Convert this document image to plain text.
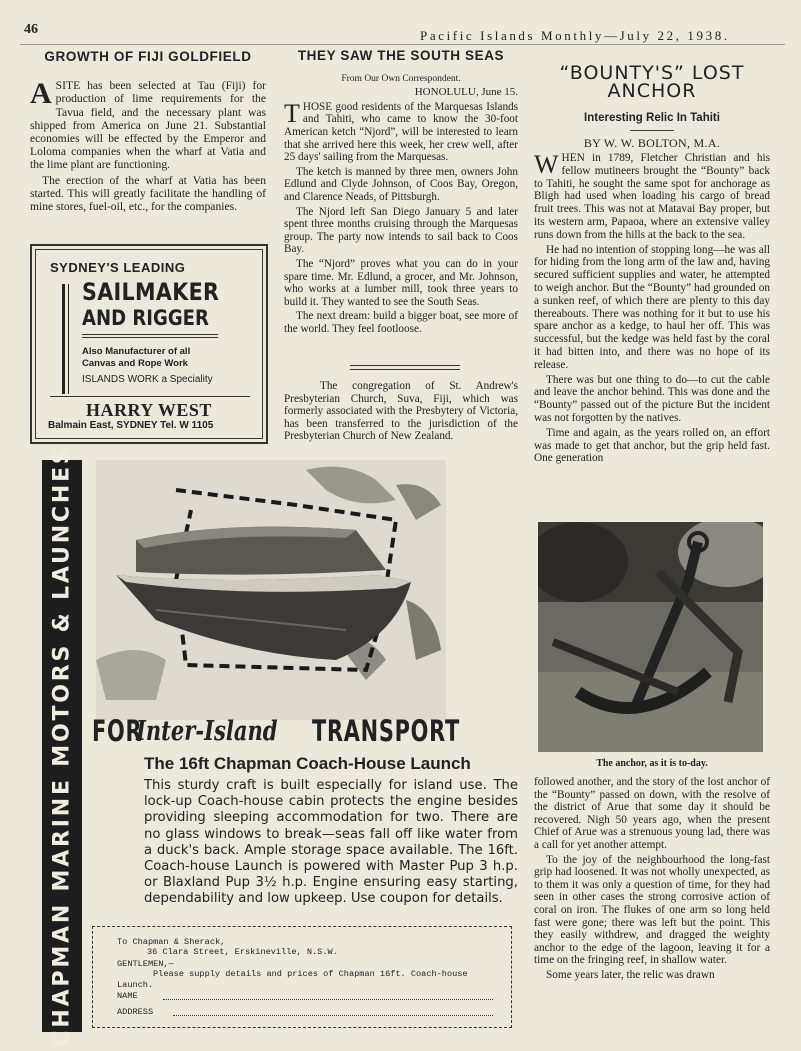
46	Pacific Islands Monthly—July 22, 1938.
GROWTH OF FIJI GOLDFIELD

ASITE has been selected at Tau (Fiji) for production of lime requirements for the Tavua field, and the necessary plant was shipped from America on June 21. Substantial economies will be effected by the Emperor and Loloma companies when the wharf at Vatia and the lime plant are functioning.

The erection of the wharf at Vatia has been started. This will greatly facilitate the handling of mine stores, fuel-oil, etc., for the companies.

SYDNEY'S LEADING
SAILMAKER
AND RIGGER
Also Manufacturer of all
Canvas and Rope Work
ISLANDS WORK a Speciality
HARRY WEST
Balmain East, SYDNEY Tel. W 1105
THEY SAW THE SOUTH SEAS
From Our Own Correspondent.
HONOLULU, June 15.

THOSE good residents of the Marquesas Islands and Tahiti, who came to know the 30-foot American ketch “Njord”, will be interested to learn that she arrived here this week, her crew well, after 25 days' sailing from the Marquesas.

The ketch is manned by three men, owners John Edlund and Clyde Johnson, of Coos Bay, Oregon, and Clarence Neads, of Pittsburgh.

The Njord left San Diego January 5 and later spent three months cruising through the Marquesas group. The party now intends to sail back to Coos Bay.

The “Njord” proves what you can do in your spare time. Mr. Edlund, a grocer, and Mr. Johnson, who works at a lumber mill, took three years to build it. They wanted to see the South Seas.

The next dream: build a bigger boat, see more of the world. They feel footloose.

The congregation of St. Andrew's Presbyterian Church, Suva, Fiji, which was formerly associated with the Presbytery of Victoria, has been transferred to the jurisdiction of the Presbyterian Church of New Zealand.

“BOUNTY'S” LOST
ANCHOR
Interesting Relic In Tahiti
BY W. W. BOLTON, M.A.

WHEN in 1789, Fletcher Christian and his fellow mutineers brought the “Bounty” back to Tahiti, he sought the same spot for anchorage as Bligh had used when loading his cargo of bread fruit trees. This was not at Matavai Bay proper, but its western arm, Papaoa, where an extensive valley runs down from the hills at the back to the sea.

He had no intention of stopping long—he was all for hiding from the long arm of the law and, having secured sufficient supplies and water, he attempted to weigh anchor. But the “Bounty” had grounded on a sunken reef, of which there are plenty to this day thereabouts. There was nothing for it but to use his spare anchor as a kedge, to haul her off. This was successful, but the kedge was held fast by the coral it had bitten into, and there was no hope of its release.

There was but one thing to do—to cut the cable and leave the anchor behind. This was done and the “Bounty” passed out of the picture But the incident was not forgotten by the natives.

Time and again, as the years rolled on, an effort was made to get that anchor, but the grip held fast. One generation

The anchor, as it is to-day.

followed another, and the story of the lost anchor of the “Bounty” passed on down, with the resolve of the district of Arue that some day it should be recovered. Nigh 50 years ago, when the present Chief of Arue was a strenuous young lad, there was a call for yet another attempt.

To the joy of the neighbourhood the long-fast grip had loosened. It was not wholly unexpected, as to them it was only a question of time, for they had seen in other cases the strong corrosive action of coral on iron. The flukes of one arm so long held fast were gone; there was left but the point. This they easily withdrew, and dragged the weighty anchor to the edge of the lagoon, leaving it for a time on the fringing reef, in shallow water.

Some years later, the relic was drawn

CHAPMAN MARINE MOTORS & LAUNCHES FOR
Inter-Island TRANSPORT
The 16ft Chapman Coach-House Launch
This sturdy craft is built especially for island use. The lock-up Coach-house cabin protects the engine besides providing sleeping accommodation for two. There are no glass windows to break—seas fall off like water from a duck's back. Ample storage space available. The 16ft. Coach-house Launch is powered with Master Pup 3 h.p. or Blaxland Pup 3½ h.p. Engine ensuring easy starting, dependability and low upkeep. Use coupon for details.
To Chapman & Sherack,
36 Clara Street, Erskineville, N.S.W.
GENTLEMEN,—
Please supply details and prices of Chapman 16ft. Coach-house Launch.
NAME
ADDRESS
